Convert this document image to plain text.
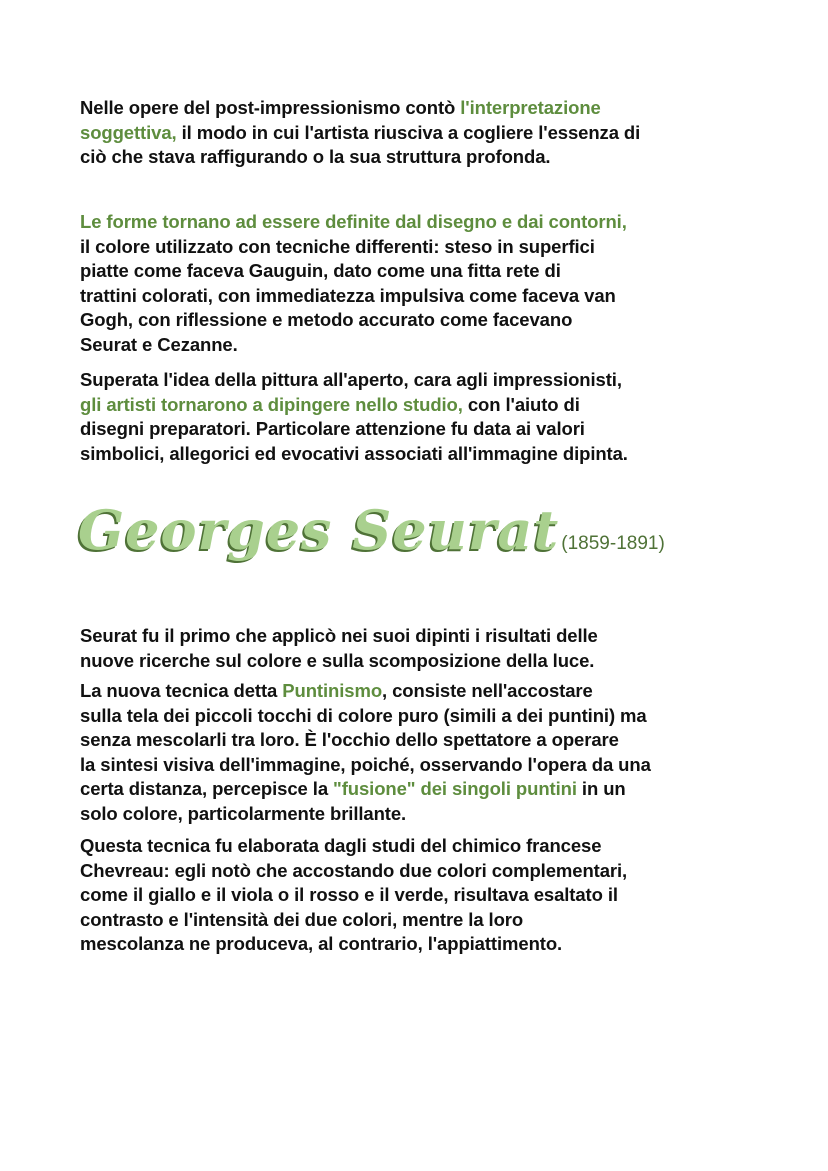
Nelle opere del post-impressionismo contò l'interpretazione
soggettiva, il modo in cui l'artista riusciva a cogliere l'essenza di
ciò che stava raffigurando o la sua struttura profonda.
Le forme tornano ad essere definite dal disegno e dai contorni,
il colore utilizzato con tecniche differenti: steso in superfici
piatte come faceva Gauguin, dato come una fitta rete di
trattini colorati, con immediatezza impulsiva come faceva van
Gogh, con riflessione e metodo accurato come facevano
Seurat e Cezanne.
Superata l'idea della pittura all'aperto, cara agli impressionisti,
gli artisti tornarono a dipingere nello studio, con l'aiuto di
disegni preparatori. Particolare attenzione fu data ai valori
simbolici, allegorici ed evocativi associati all'immagine dipinta.
Georges Seurat (1859-1891)
Seurat fu il primo che applicò nei suoi dipinti i risultati delle
nuove ricerche sul colore e sulla scomposizione della luce.
La nuova tecnica detta Puntinismo, consiste nell'accostare
sulla tela dei piccoli tocchi di colore puro (simili a dei puntini) ma
senza mescolarli tra loro. È l'occhio dello spettatore a operare
la sintesi visiva dell'immagine, poiché, osservando l'opera da una
certa distanza, percepisce la "fusione" dei singoli puntini in un
solo colore, particolarmente brillante.
Questa tecnica fu elaborata dagli studi del chimico francese
Chevreau: egli notò che accostando due colori complementari,
come il giallo e il viola o il rosso e il verde, risultava esaltato il
contrasto e l'intensità dei due colori, mentre la loro
mescolanza ne produceva, al contrario, l'appiattimento.
